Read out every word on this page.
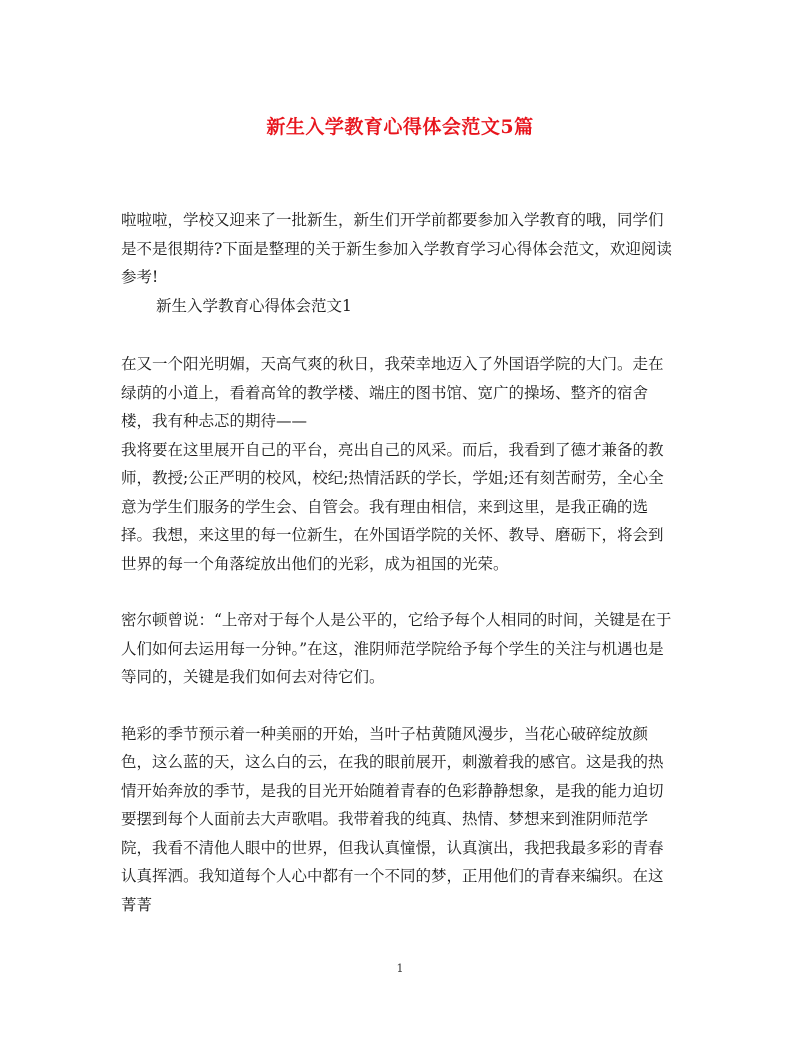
新生入学教育心得体会范文5篇

啦啦啦，学校又迎来了一批新生，新生们开学前都要参加入学教育的哦，同学们是不是很期待?下面是整理的关于新生参加入学教育学习心得体会范文，欢迎阅读参考!

新生入学教育心得体会范文1

在又一个阳光明媚，天高气爽的秋日，我荣幸地迈入了外国语学院的大门。走在绿荫的小道上，看着高耸的教学楼、端庄的图书馆、宽广的操场、整齐的宿舍楼，我有种忐忑的期待——

我将要在这里展开自己的平台，亮出自己的风采。而后，我看到了德才兼备的教师，教授;公正严明的校风，校纪;热情活跃的学长，学姐;还有刻苦耐劳，全心全意为学生们服务的学生会、自管会。我有理由相信，来到这里，是我正确的选择。我想，来这里的每一位新生，在外国语学院的关怀、教导、磨砺下，将会到世界的每一个角落绽放出他们的光彩，成为祖国的光荣。

密尔顿曾说：“上帝对于每个人是公平的，它给予每个人相同的时间，关键是在于人们如何去运用每一分钟。”在这，淮阴师范学院给予每个学生的关注与机遇也是等同的，关键是我们如何去对待它们。

艳彩的季节预示着一种美丽的开始，当叶子枯黄随风漫步，当花心破碎绽放颜色，这么蓝的天，这么白的云，在我的眼前展开，刺激着我的感官。这是我的热情开始奔放的季节，是我的目光开始随着青春的色彩静静想象，是我的能力迫切要摆到每个人面前去大声歌唱。我带着我的纯真、热情、梦想来到淮阴师范学院，我看不清他人眼中的世界，但我认真憧憬，认真演出，我把我最多彩的青春认真挥洒。我知道每个人心中都有一个不同的梦，正用他们的青春来编织。在这菁菁

1
